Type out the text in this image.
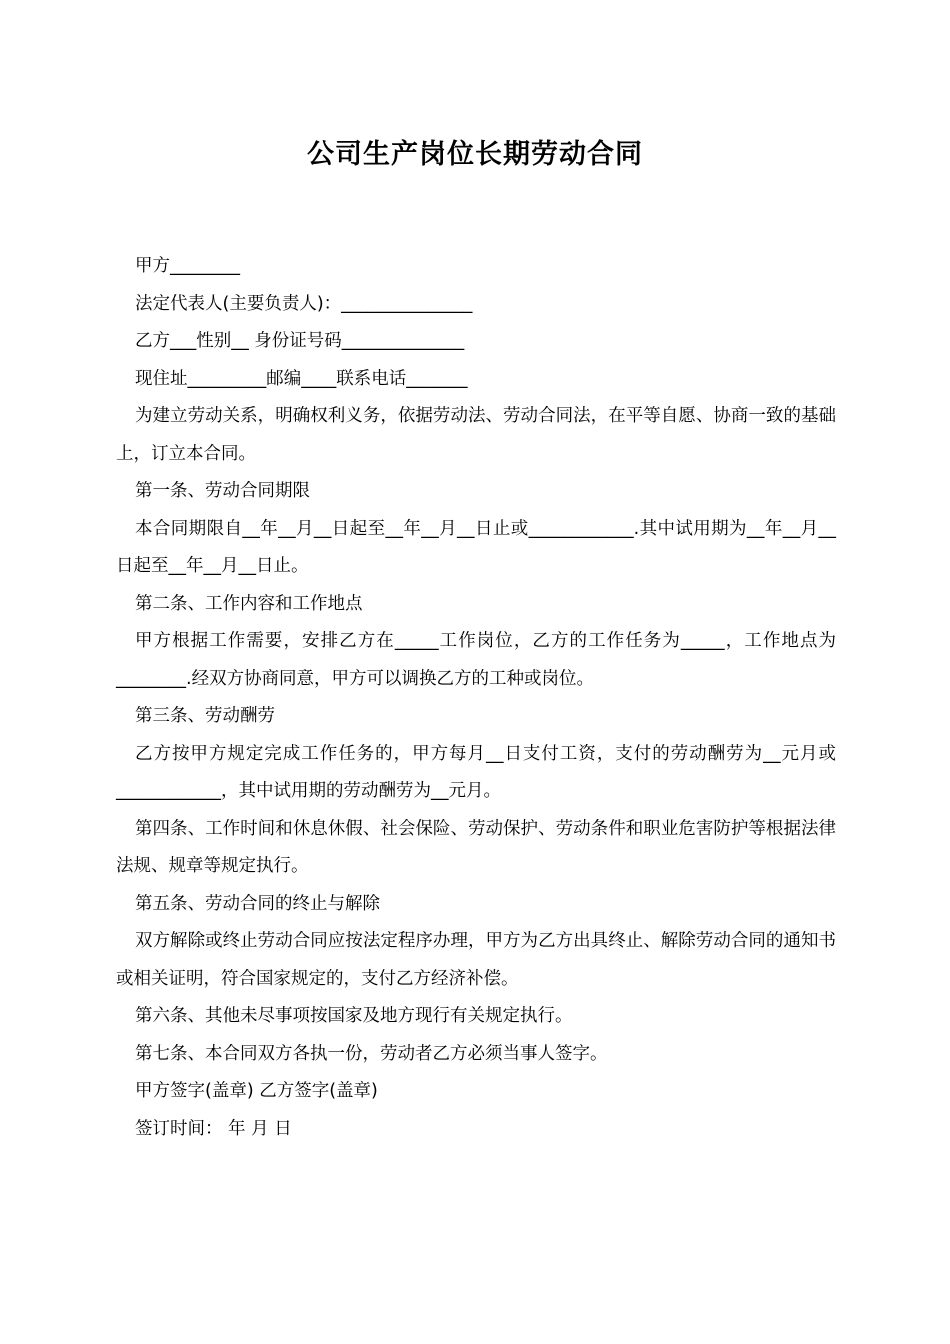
公司生产岗位长期劳动合同

甲方________

法定代表人(主要负责人)：_______________

乙方___性别__ 身份证号码______________

现住址_________邮编____联系电话_______

为建立劳动关系，明确权利义务，依据劳动法、劳动合同法，在平等自愿、协商一致的基础上，订立本合同。

第一条、劳动合同期限

本合同期限自__年__月__日起至__年__月__日止或____________.其中试用期为__年__月__日起至__年__月__日止。

第二条、工作内容和工作地点

甲方根据工作需要，安排乙方在_____工作岗位，乙方的工作任务为_____，工作地点为________.经双方协商同意，甲方可以调换乙方的工种或岗位。

第三条、劳动酬劳

乙方按甲方规定完成工作任务的，甲方每月__日支付工资，支付的劳动酬劳为__元月或____________，其中试用期的劳动酬劳为__元月。

第四条、工作时间和休息休假、社会保险、劳动保护、劳动条件和职业危害防护等根据法律法规、规章等规定执行。

第五条、劳动合同的终止与解除

双方解除或终止劳动合同应按法定程序办理，甲方为乙方出具终止、解除劳动合同的通知书或相关证明，符合国家规定的，支付乙方经济补偿。

第六条、其他未尽事项按国家及地方现行有关规定执行。

第七条、本合同双方各执一份，劳动者乙方必须当事人签字。

甲方签字(盖章) 乙方签字(盖章)

签订时间： 年 月 日
